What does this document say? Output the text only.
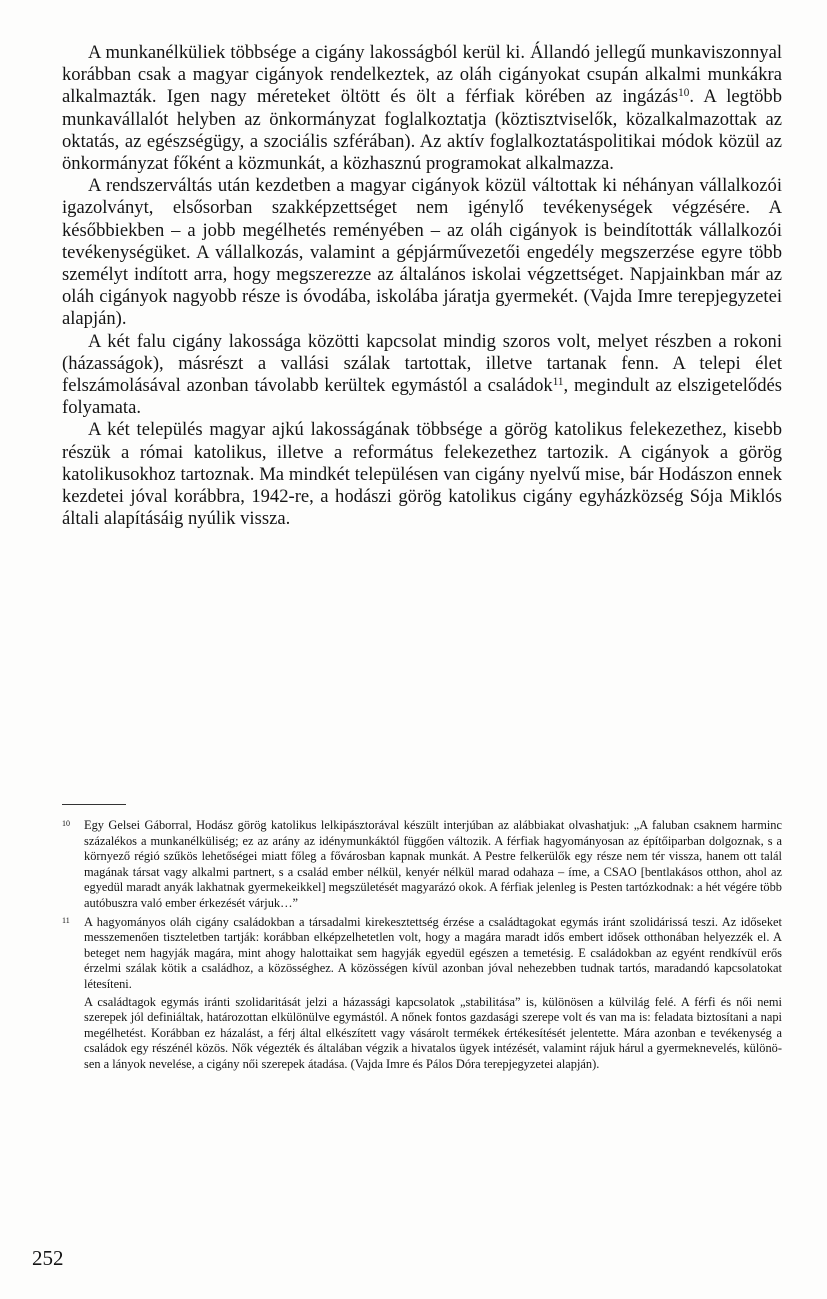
A munkanélküliek többsége a cigány lakosságból kerül ki. Állandó jellegű munkaviszonnyal korábban csak a magyar cigányok rendelkeztek, az oláh cigányokat csupán alkalmi munkákra alkalmazták. Igen nagy méreteket öltött és ölt a férfiak körében az ingázás$^{10}$. A legtöbb munkavállalót helyben az önkormányzat foglalkoztatja (köztisztviselők, közalkalmazottak az oktatás, az egészségügy, a szociális szférában). Az aktív foglalkoztatáspolitikai módok közül az önkormányzat főként a közmunkát, a közhasznú programokat alkalmazza.

A rendszerváltás után kezdetben a magyar cigányok közül váltottak ki néhányan vállalkozói igazolványt, elsősorban szakképzettséget nem igénylő tevékenységek végzésére. A későbbiekben – a jobb megélhetés reményében – az oláh cigányok is beindították vállalkozói tevékenységüket. A vállalkozás, valamint a gépjárművezetői engedély megszerzése egyre több személyt indított arra, hogy megszerezze az általános iskolai végzettséget. Napjainkban már az oláh cigányok nagyobb része is óvodába, iskolába járatja gyermekét. (Vajda Imre terepjegyzetei alapján).

A két falu cigány lakossága közötti kapcsolat mindig szoros volt, melyet részben a rokoni (házasságok), másrészt a vallási szálak tartottak, illetve tartanak fenn. A telepi élet felszámolásával azonban távolabb kerültek egymástól a családok$^{11}$, megindult az elszigetelődés folyamata.

A két település magyar ajkú lakosságának többsége a görög katolikus felekezethez, kisebb részük a római katolikus, illetve a református felekezethez tartozik. A cigányok a görög katolikusokhoz tartoznak. Ma mindkét településen van cigány nyelvű mise, bár Hodászon ennek kezdetei jóval korábbra, 1942-re, a hodászi görög katolikus cigány egyházközség Sója Miklós általi alapításáig nyúlik vissza.

10 Egy Gelsei Gáborral, Hodász görög katolikus lelkipásztorával készült interjúban az alábbiakat olvashatjuk: „A faluban csaknem harminc százalékos a munkanélküliség; ez az arány az idénymunkáktól függően változik. A férfiak hagyományosan az építőiparban dolgoznak, s a környező régió szűkös lehetőségei miatt főleg a fővárosban kapnak munkát. A Pestre felkerülők egy része nem tér vissza, hanem ott talál magának társat vagy alkalmi partnert, s a család ember nélkül, kenyér nélkül marad odahaza – íme, a CSAO [bentlakásos otthon, ahol az egyedül maradt anyák lakhatnak gyermekeikkel] megszületését magyarázó okok. A férfiak jelenleg is Pesten tartózkodnak: a hét végére több autóbuszra való ember érkezését várjuk…”

11 A hagyományos oláh cigány családokban a társadalmi kirekesztettség érzése a családtagokat egymás iránt szolidárissá teszi. Az időseket messzemenően tiszteletben tartják: korábban elképzelhetetlen volt, hogy a magára maradt idős embert idősek otthonában helyezzék el. A beteget nem hagyják magára, mint ahogy halottaikat sem hagyják egyedül egészen a temetésig. E családokban az egyént rendkívül erős érzelmi szálak kötik a családhoz, a közösséghez. A közösségen kívül azonban jóval nehezebben tudnak tartós, maradandó kapcsolatokat létesíteni.

A családtagok egymás iránti szolidaritását jelzi a házassági kapcsolatok „stabilitása” is, különösen a külvilág felé. A férfi és női nemi szerepek jól definiáltak, határozottan elkülönülve egymástól. A nőnek fontos gazdasági szerepe volt és van ma is: feladata biztosítani a napi megélhetést. Korábban ez házalást, a férj által elkészített vagy vásárolt termékek értékesítését jelentette. Mára azonban e tevékenység a családok egy részénél közös. Nők végezték és általában végzik a hivatalos ügyek intézését, valamint rájuk hárul a gyermeknevelés, különösen a lányok nevelése, a cigány női szerepek átadása. (Vajda Imre és Pálos Dóra terepjegyzetei alapján).

252
